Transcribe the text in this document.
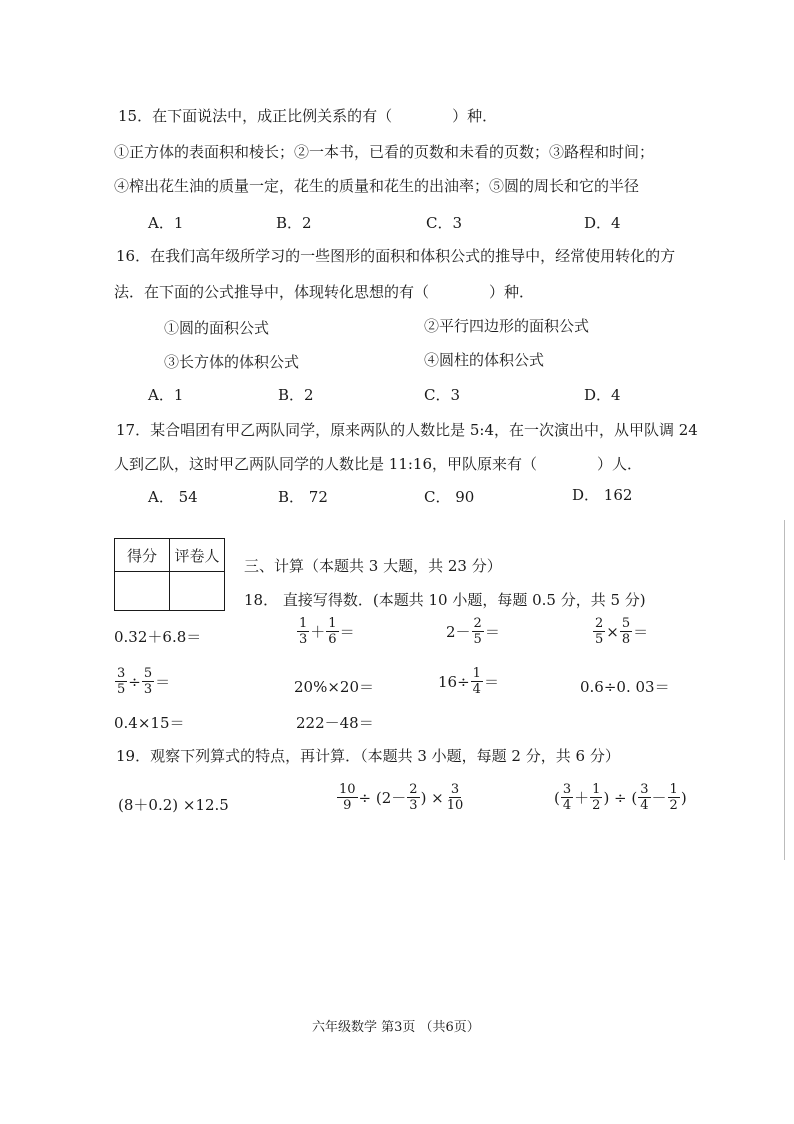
15．在下面说法中，成正比例关系的有（　　　　）种．
①正方体的表面积和棱长；②一本书，已看的页数和未看的页数；③路程和时间；
④榨出花生油的质量一定，花生的质量和花生的出油率；⑤圆的周长和它的半径
A．1	B．2	C．3	D．4
16．在我们高年级所学习的一些图形的面积和体积公式的推导中，经常使用转化的方
法．在下面的公式推导中，体现转化思想的有（　　　　）种．
①圆的面积公式	②平行四边形的面积公式
③长方体的体积公式	④圆柱的体积公式
A．1	B．2	C．3	D．4
17．某合唱团有甲乙两队同学，原来两队的人数比是 5:4，在一次演出中，从甲队调 24
人到乙队，这时甲乙两队同学的人数比是 11:16，甲队原来有（　　　　）人．
A． 54	B． 72	C． 90	D． 162
得分	评卷人

三、计算（本题共 3 大题，共 23 分）
18． 直接写得数．(本题共 10 小题，每题 0.5 分，共 5 分)
0.32＋6.8＝	$\frac{1}{3} + \frac{1}{6}$ ＝	$2- \frac{2}{5}$ ＝	$\frac{2}{5} \times \frac{5}{8}$ ＝
$\frac{3}{5} \div \frac{5}{3}$ ＝	20%×20＝	$16\div \frac{1}{4}$ ＝	0.6÷0. 03＝
0.4×15＝	222－48＝
19．观察下列算式的特点，再计算．（本题共 3 小题，每题 2 分，共 6 分）
(8＋0.2) ×12.5	$\frac{10}{9} \div (2- \frac{2}{3}$ ) × $\frac{3}{10}$	( $\frac{3}{4} + \frac{1}{2}$ ) ÷ ( $\frac{3}{4} - \frac{1}{2}$ )
六年级数学 第3页 （共6页）
